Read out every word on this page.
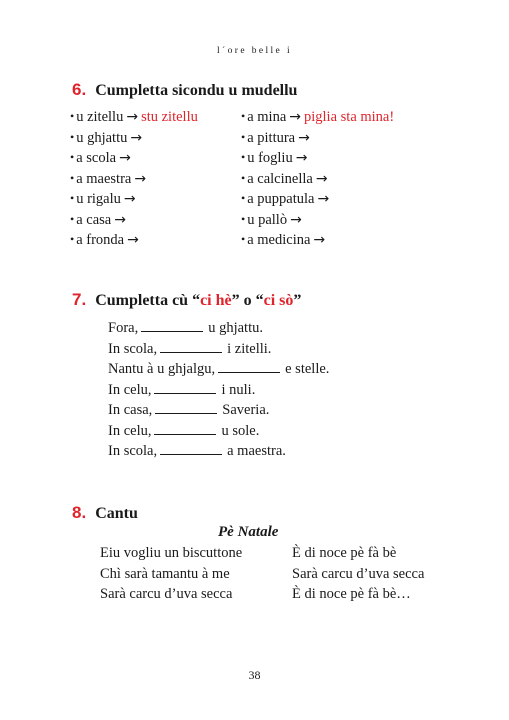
l´ore belle i
6. Cumpletta sicondu u mudellu
• u zitellu → stu zitellu
• u ghjattu →
• a scola →
• a maestra →
• u rigalu →
• a casa →
• a fronda →
• a mina → piglia sta mina!
• a pittura →
• u fogliu →
• a calcinella →
• a puppatula →
• u pallò →
• a medicina →
7. Cumpletta cù “ci hè” o “ci sò”
Fora,	u ghjattu.
In scola,	i zitelli.
Nantu à u ghjalgu,	e stelle.
In celu,	i nuli.
In casa,	Saveria.
In celu,	u sole.
In scola,	a maestra.
8. Cantu
Pè Natale
Eiu vogliu un biscuttone
Chì sarà tamantu à me
Sarà carcu d’uva secca
È di noce pè fà bè
Sarà carcu d’uva secca
È di noce pè fà bè…
38
